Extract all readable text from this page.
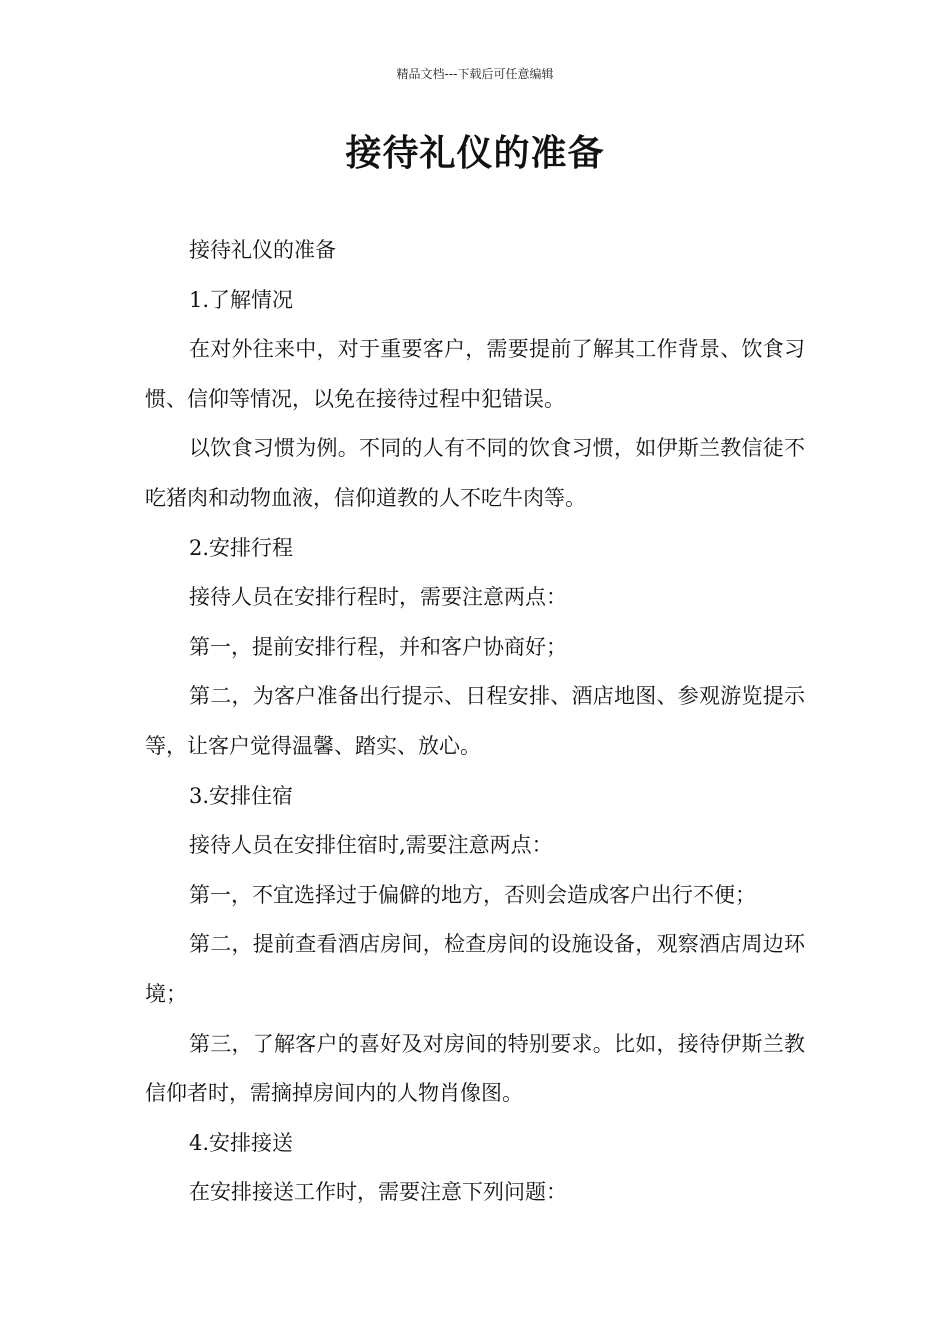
精品文档---下载后可任意编辑
接待礼仪的准备

接待礼仪的准备

1.了解情况

在对外往来中，对于重要客户，需要提前了解其工作背景、饮食习惯、信仰等情况，以免在接待过程中犯错误。

以饮食习惯为例。不同的人有不同的饮食习惯，如伊斯兰教信徒不吃猪肉和动物血液，信仰道教的人不吃牛肉等。

2.安排行程

接待人员在安排行程时，需要注意两点：

第一，提前安排行程，并和客户协商好；

第二，为客户准备出行提示、日程安排、酒店地图、参观游览提示等，让客户觉得温馨、踏实、放心。

3.安排住宿

接待人员在安排住宿时,需要注意两点：

第一，不宜选择过于偏僻的地方，否则会造成客户出行不便；

第二，提前查看酒店房间，检查房间的设施设备，观察酒店周边环境；

第三，了解客户的喜好及对房间的特别要求。比如，接待伊斯兰教信仰者时，需摘掉房间内的人物肖像图。

4.安排接送

在安排接送工作时，需要注意下列问题：
